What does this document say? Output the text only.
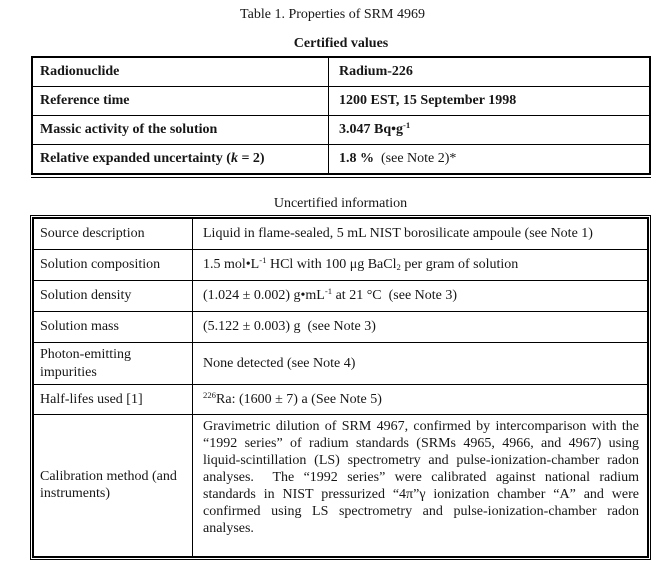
Table 1. Properties of SRM 4969
Certified values
Radionuclide	Radium-226
Reference time	1200 EST, 15 September 1998
Massic activity of the solution	3.047 $Bq•g^{-1}$
Relative expanded uncertainty (k = 2)	1.8 %  (see Note 2)*
Uncertified information
Source description	Liquid in flame-sealed, 5 mL NIST borosilicate ampoule (see Note 1)
Solution composition	1.5 $mol•L^{-1}$ HCl with 100 μg BaCl$_2$ per gram of solution
Solution density	(1.024 ± 0.002) $g•mL^{-1}$ at 21 °C  (see Note 3)
Solution mass	(5.122 ± 0.003) g  (see Note 3)
Photon-emitting impurities	None detected (see Note 4)
Half-lifes used [1]	$^{226}$Ra: (1600 ± 7) a (See Note 5)
Calibration method (and instruments)	Gravimetric dilution of SRM 4967, confirmed by intercomparison with the “1992 series” of radium standards (SRMs 4965, 4966, and 4967) using liquid-scintillation (LS) spectrometry and pulse-ionization-chamber radon analyses.  The “1992 series” were calibrated against national radium standards in NIST pressurized “4π”γ ionization chamber “A” and were confirmed using LS spectrometry and pulse-ionization-chamber radon analyses.
